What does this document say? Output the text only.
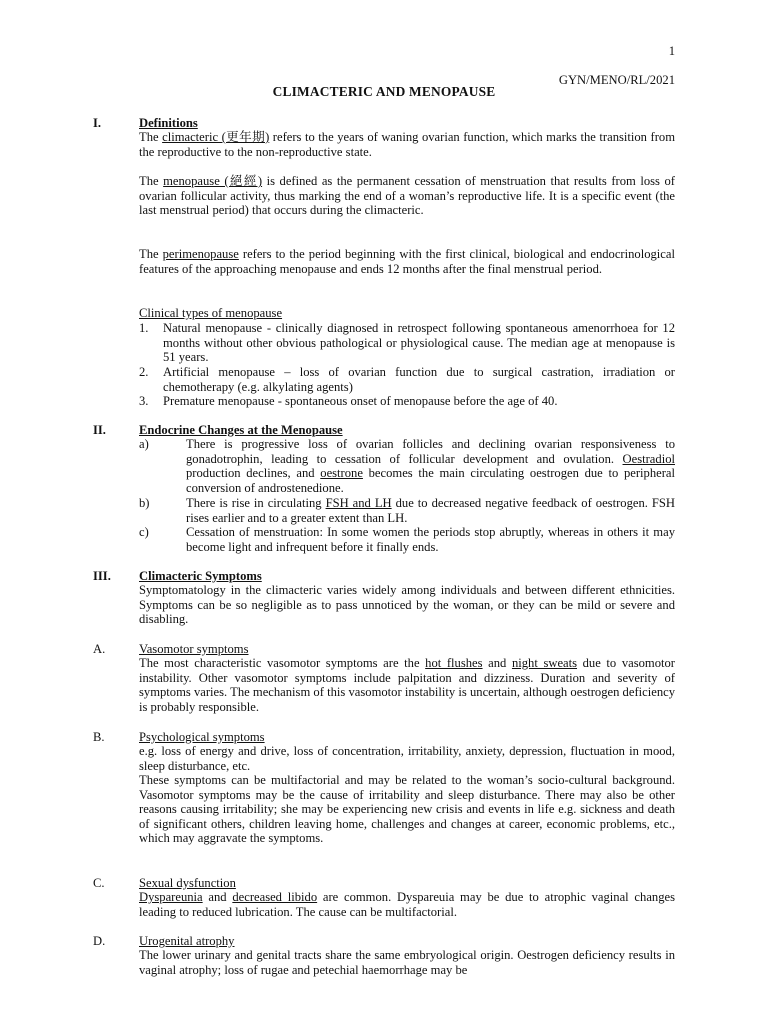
1
GYN/MENO/RL/2021
CLIMACTERIC AND MENOPAUSE
I.	Definitions
The climacteric (更年期) refers to the years of waning ovarian function, which marks the transition from the reproductive to the non-reproductive state.
The menopause (絕經) is defined as the permanent cessation of menstruation that results from loss of ovarian follicular activity, thus marking the end of a woman’s reproductive life. It is a specific event (the last menstrual period) that occurs during the climacteric.
The perimenopause refers to the period beginning with the first clinical, biological and endocrinological features of the approaching menopause and ends 12 months after the final menstrual period.
Clinical types of menopause
1. Natural menopause - clinically diagnosed in retrospect following spontaneous amenorrhoea for 12 months without other obvious pathological or physiological cause. The median age at menopause is 51 years.
2. Artificial menopause – loss of ovarian function due to surgical castration, irradiation or chemotherapy (e.g. alkylating agents)
3. Premature menopause - spontaneous onset of menopause before the age of 40.
II.	Endocrine Changes at the Menopause
a)	There is progressive loss of ovarian follicles and declining ovarian responsiveness to gonadotrophin, leading to cessation of follicular development and ovulation. Oestradiol production declines, and oestrone becomes the main circulating oestrogen due to peripheral conversion of androstenedione.
b)	There is rise in circulating FSH and LH due to decreased negative feedback of oestrogen. FSH rises earlier and to a greater extent than LH.
c)	Cessation of menstruation: In some women the periods stop abruptly, whereas in others it may become light and infrequent before it finally ends.
III. Climacteric Symptoms
Symptomatology in the climacteric varies widely among individuals and between different ethnicities. Symptoms can be so negligible as to pass unnoticed by the woman, or they can be mild or severe and disabling.
A.	Vasomotor symptoms
The most characteristic vasomotor symptoms are the hot flushes and night sweats due to vasomotor instability. Other vasomotor symptoms include palpitation and dizziness. Duration and severity of symptoms varies. The mechanism of this vasomotor instability is uncertain, although oestrogen deficiency is probably responsible.
B.	Psychological symptoms
e.g. loss of energy and drive, loss of concentration, irritability, anxiety, depression, fluctuation in mood, sleep disturbance, etc.
These symptoms can be multifactorial and may be related to the woman’s socio-cultural background. Vasomotor symptoms may be the cause of irritability and sleep disturbance. There may also be other reasons causing irritability; she may be experiencing new crisis and events in life e.g. sickness and death of significant others, children leaving home, challenges and changes at career, economic problems, etc., which may aggravate the symptoms.
C.	Sexual dysfunction
Dyspareunia and decreased libido are common. Dyspareuia may be due to atrophic vaginal changes leading to reduced lubrication. The cause can be multifactorial.
D.	Urogenital atrophy
The lower urinary and genital tracts share the same embryological origin. Oestrogen deficiency results in vaginal atrophy; loss of rugae and petechial haemorrhage may be
